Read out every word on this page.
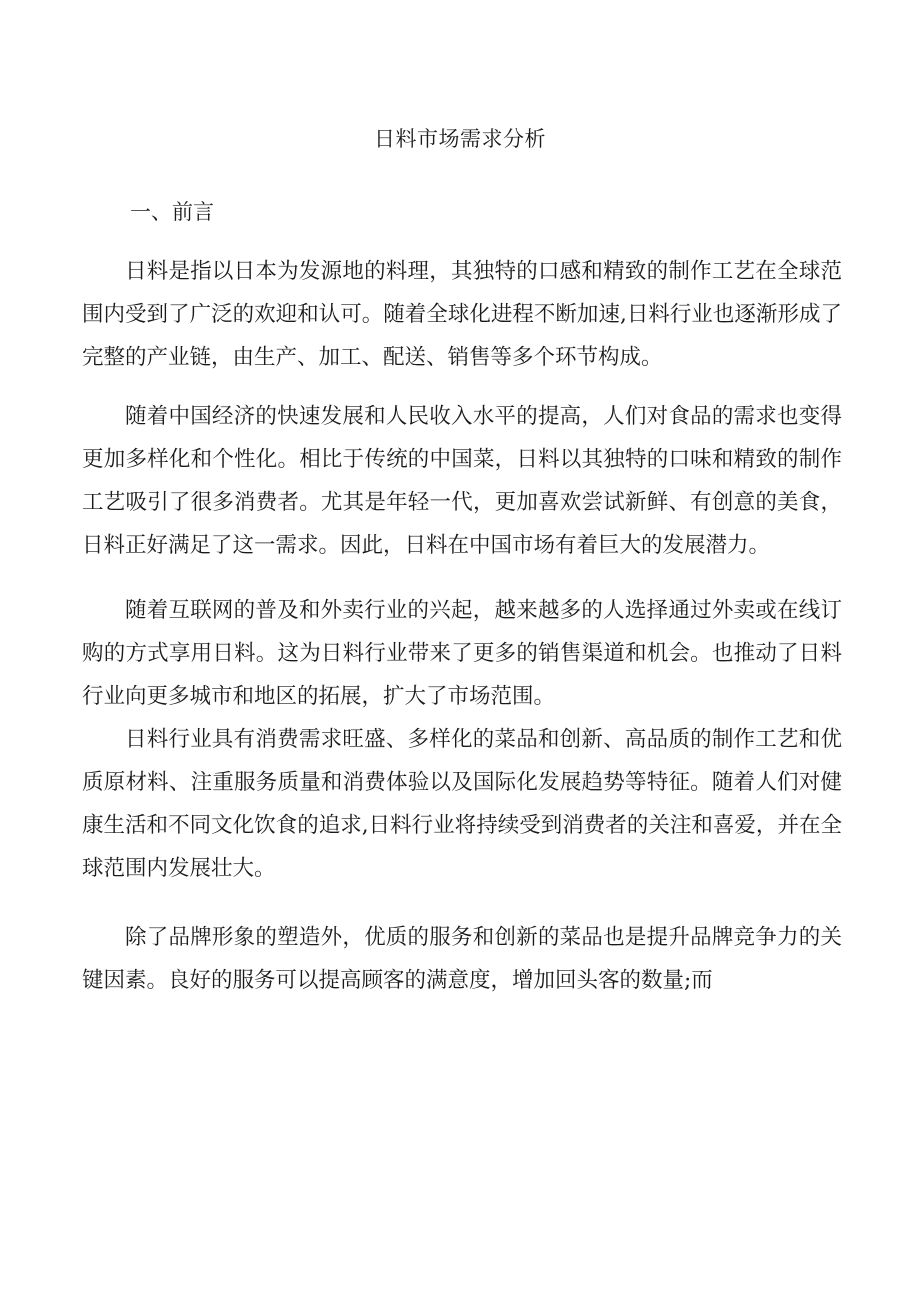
日料市场需求分析
一、前言

日料是指以日本为发源地的料理，其独特的口感和精致的制作工艺在全球范围内受到了广泛的欢迎和认可。随着全球化进程不断加速,日料行业也逐渐形成了完整的产业链，由生产、加工、配送、销售等多个环节构成。

随着中国经济的快速发展和人民收入水平的提高，人们对食品的需求也变得更加多样化和个性化。相比于传统的中国菜，日料以其独特的口味和精致的制作工艺吸引了很多消费者。尤其是年轻一代，更加喜欢尝试新鲜、有创意的美食，日料正好满足了这一需求。因此，日料在中国市场有着巨大的发展潜力。

随着互联网的普及和外卖行业的兴起，越来越多的人选择通过外卖或在线订购的方式享用日料。这为日料行业带来了更多的销售渠道和机会。也推动了日料行业向更多城市和地区的拓展，扩大了市场范围。

日料行业具有消费需求旺盛、多样化的菜品和创新、高品质的制作工艺和优质原材料、注重服务质量和消费体验以及国际化发展趋势等特征。随着人们对健康生活和不同文化饮食的追求,日料行业将持续受到消费者的关注和喜爱，并在全球范围内发展壮大。

除了品牌形象的塑造外，优质的服务和创新的菜品也是提升品牌竞争力的关键因素。良好的服务可以提高顾客的满意度，增加回头客的数量;而
